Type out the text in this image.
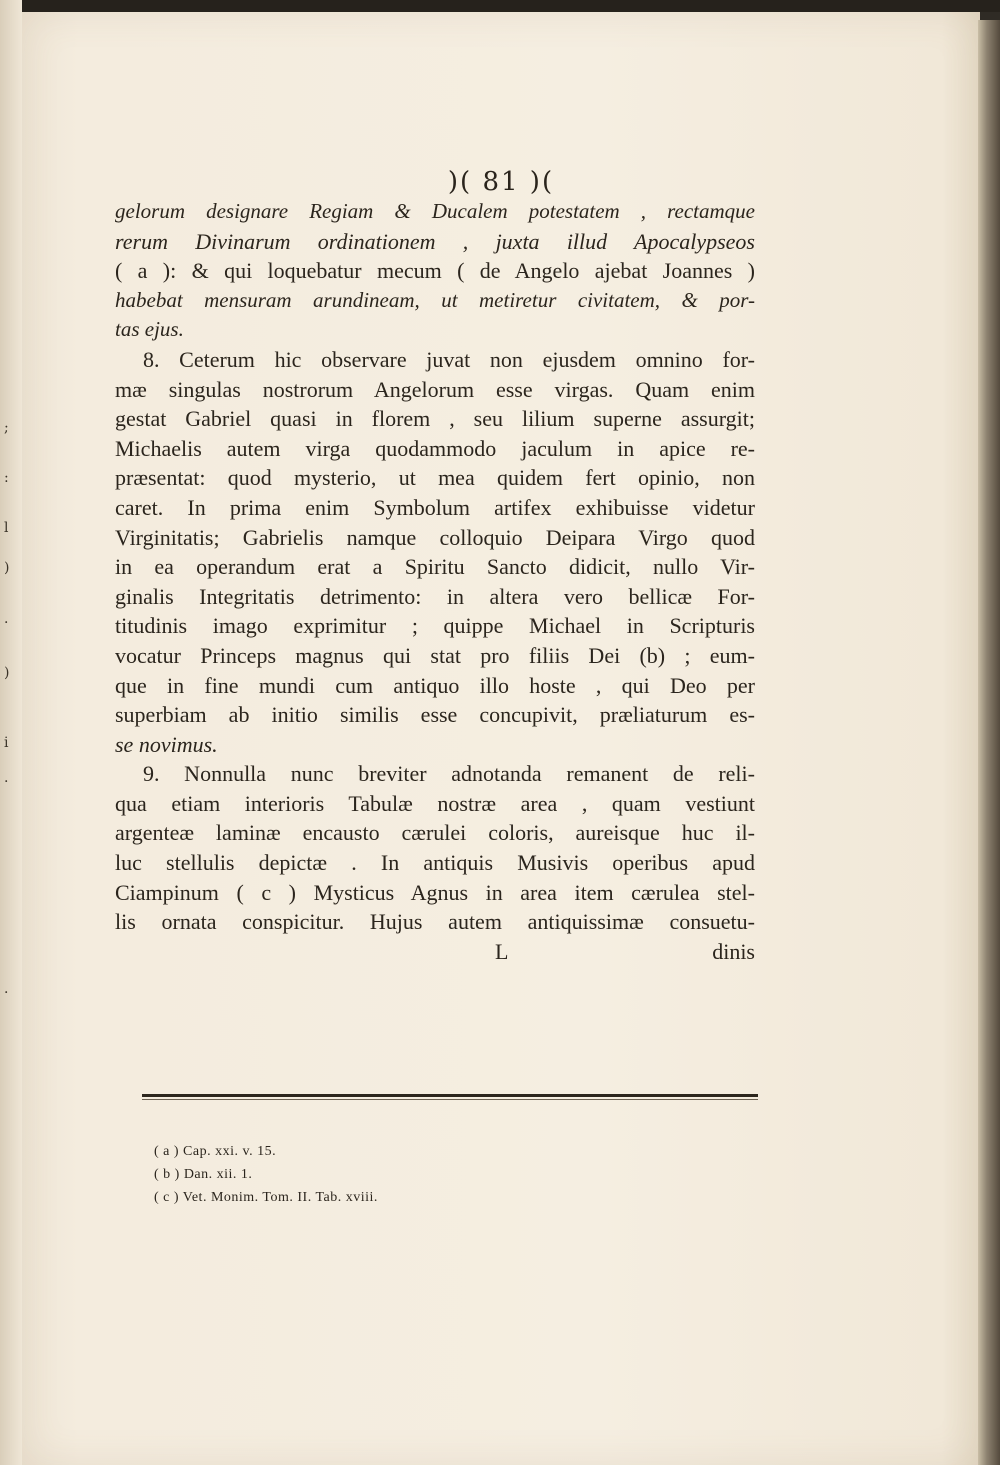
;
:
l
)
·
)
i
.
·
)( 81 )(
gelorum designare Regiam & Ducalem potestatem , rectamque
rerum Divinarum ordinationem , juxta illud Apocalypseos
( a ): & qui loquebatur mecum ( de Angelo ajebat Joannes )
habebat mensuram arundineam, ut metiretur civitatem, & por-
tas ejus.
8. Ceterum hic observare juvat non ejusdem omnino for-
mæ singulas nostrorum Angelorum esse virgas. Quam enim
gestat Gabriel quasi in florem , seu lilium superne assurgit;
Michaelis autem virga quodammodo jaculum in apice re-
præsentat: quod mysterio, ut mea quidem fert opinio, non
caret. In prima enim Symbolum artifex exhibuisse videtur
Virginitatis; Gabrielis namque colloquio Deipara Virgo quod
in ea operandum erat a Spiritu Sancto didicit, nullo Vir-
ginalis Integritatis detrimento: in altera vero bellicæ For-
titudinis imago exprimitur ; quippe Michael in Scripturis
vocatur Princeps magnus qui stat pro filiis Dei (b) ; eum-
que in fine mundi cum antiquo illo hoste , qui Deo per
superbiam ab initio similis esse concupivit, præliaturum es-
se novimus.
9. Nonnulla nunc breviter adnotanda remanent de reli-
qua etiam interioris Tabulæ nostræ area , quam vestiunt
argenteæ laminæ encausto cærulei coloris, aureisque huc il-
luc stellulis depictæ . In antiquis Musivis operibus apud
Ciampinum ( c ) Mysticus Agnus in area item cærulea stel-
lis ornata conspicitur. Hujus autem antiquissimæ consuetu-
L	dinis
( a ) Cap. xxi. v. 15.
( b ) Dan. xii. 1.
( c ) Vet. Monim. Tom. II. Tab. xviii.
